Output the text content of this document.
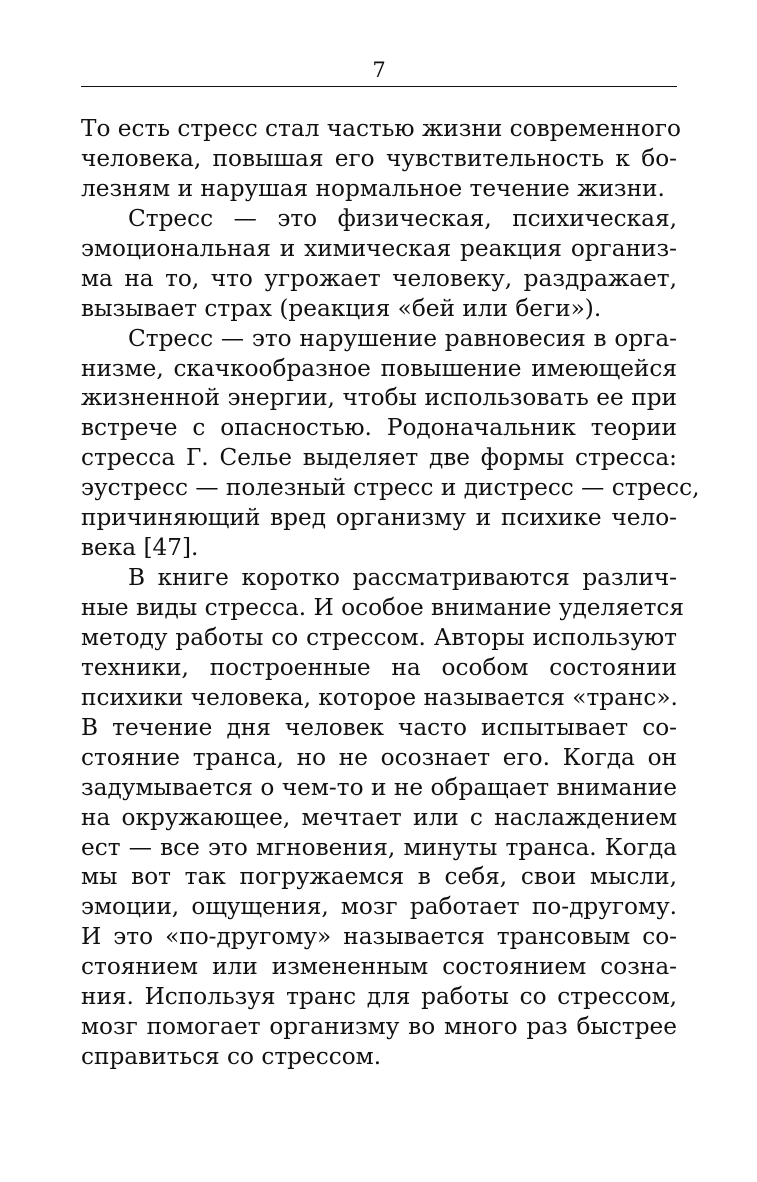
7
То есть стресс стал частью жизни современного
человека, повышая его чувствительность к бо-
лезням и нарушая нормальное течение жизни.
Стресс — это физическая, психическая,
эмоциональная и химическая реакция организ-
ма на то, что угрожает человеку, раздражает,
вызывает страх (реакция «бей или беги»).
Стресс — это нарушение равновесия в орга-
низме, скачкообразное повышение имеющейся
жизненной энергии, чтобы использовать ее при
встрече с опасностью. Родоначальник теории
стресса Г. Селье выделяет две формы стресса:
эустресс — полезный стресс и дистресс — стресс,
причиняющий вред организму и психике чело-
века [47].
В книге коротко рассматриваются различ-
ные виды стресса. И особое внимание уделяется
методу работы со стрессом. Авторы используют
техники, построенные на особом состоянии
психики человека, которое называется «транс».
В течение дня человек часто испытывает со-
стояние транса, но не осознает его. Когда он
задумывается о чем-то и не обращает внимание
на окружающее, мечтает или с наслаждением
ест — все это мгновения, минуты транса. Когда
мы вот так погружаемся в себя, свои мысли,
эмоции, ощущения, мозг работает по-другому.
И это «по-другому» называется трансовым со-
стоянием или измененным состоянием созна-
ния. Используя транс для работы со стрессом,
мозг помогает организму во много раз быстрее
справиться со стрессом.
